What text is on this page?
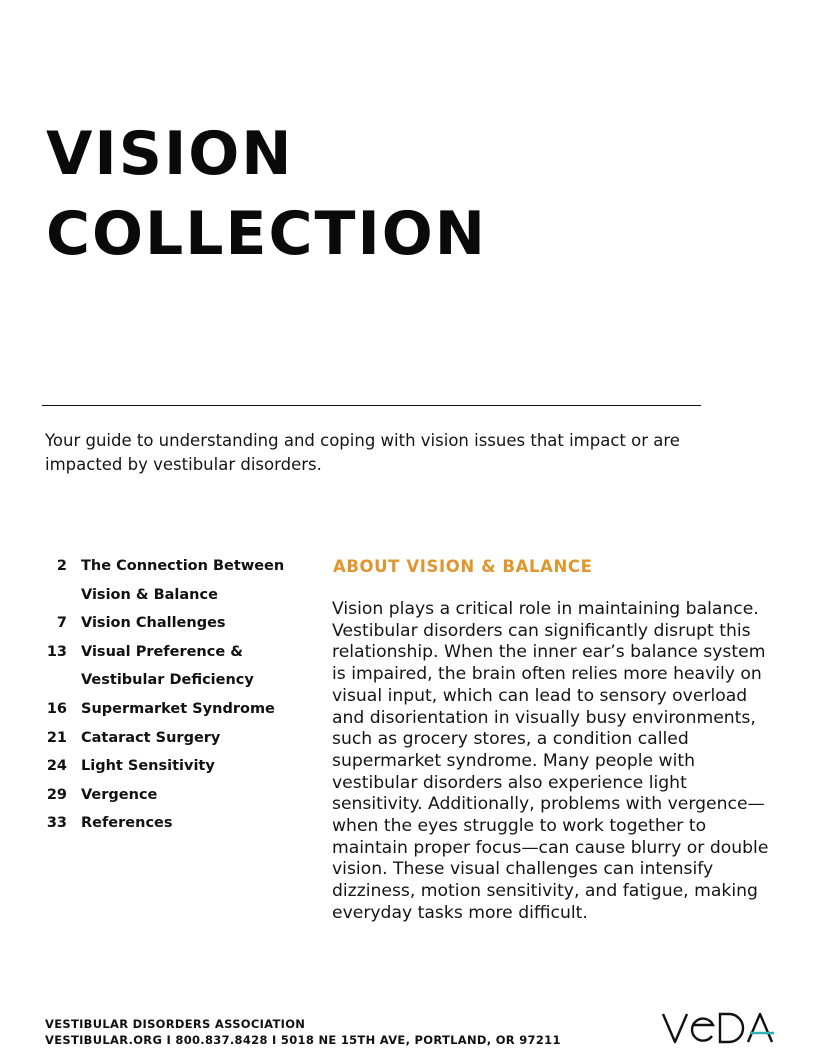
VISION
COLLECTION

Your guide to understanding and coping with vision issues that impact or are impacted by vestibular disorders.

2 The Connection Between Vision & Balance
7 Vision Challenges
13 Visual Preference & Vestibular Deficiency
16 Supermarket Syndrome
21 Cataract Surgery
24 Light Sensitivity
29 Vergence
33 References
ABOUT VISION & BALANCE

Vision plays a critical role in maintaining balance. Vestibular disorders can significantly disrupt this relationship. When the inner ear’s balance system is impaired, the brain often relies more heavily on visual input, which can lead to sensory overload and disorientation in visually busy environments, such as grocery stores, a condition called supermarket syndrome. Many people with vestibular disorders also experience light sensitivity. Additionally, problems with vergence—when the eyes struggle to work together to maintain proper focus—can cause blurry or double vision. These visual challenges can intensify dizziness, motion sensitivity, and fatigue, making everyday tasks more difficult.

VESTIBULAR DISORDERS ASSOCIATION
VESTIBULAR.ORG I 800.837.8428 I 5018 NE 15TH AVE, PORTLAND, OR 97211
